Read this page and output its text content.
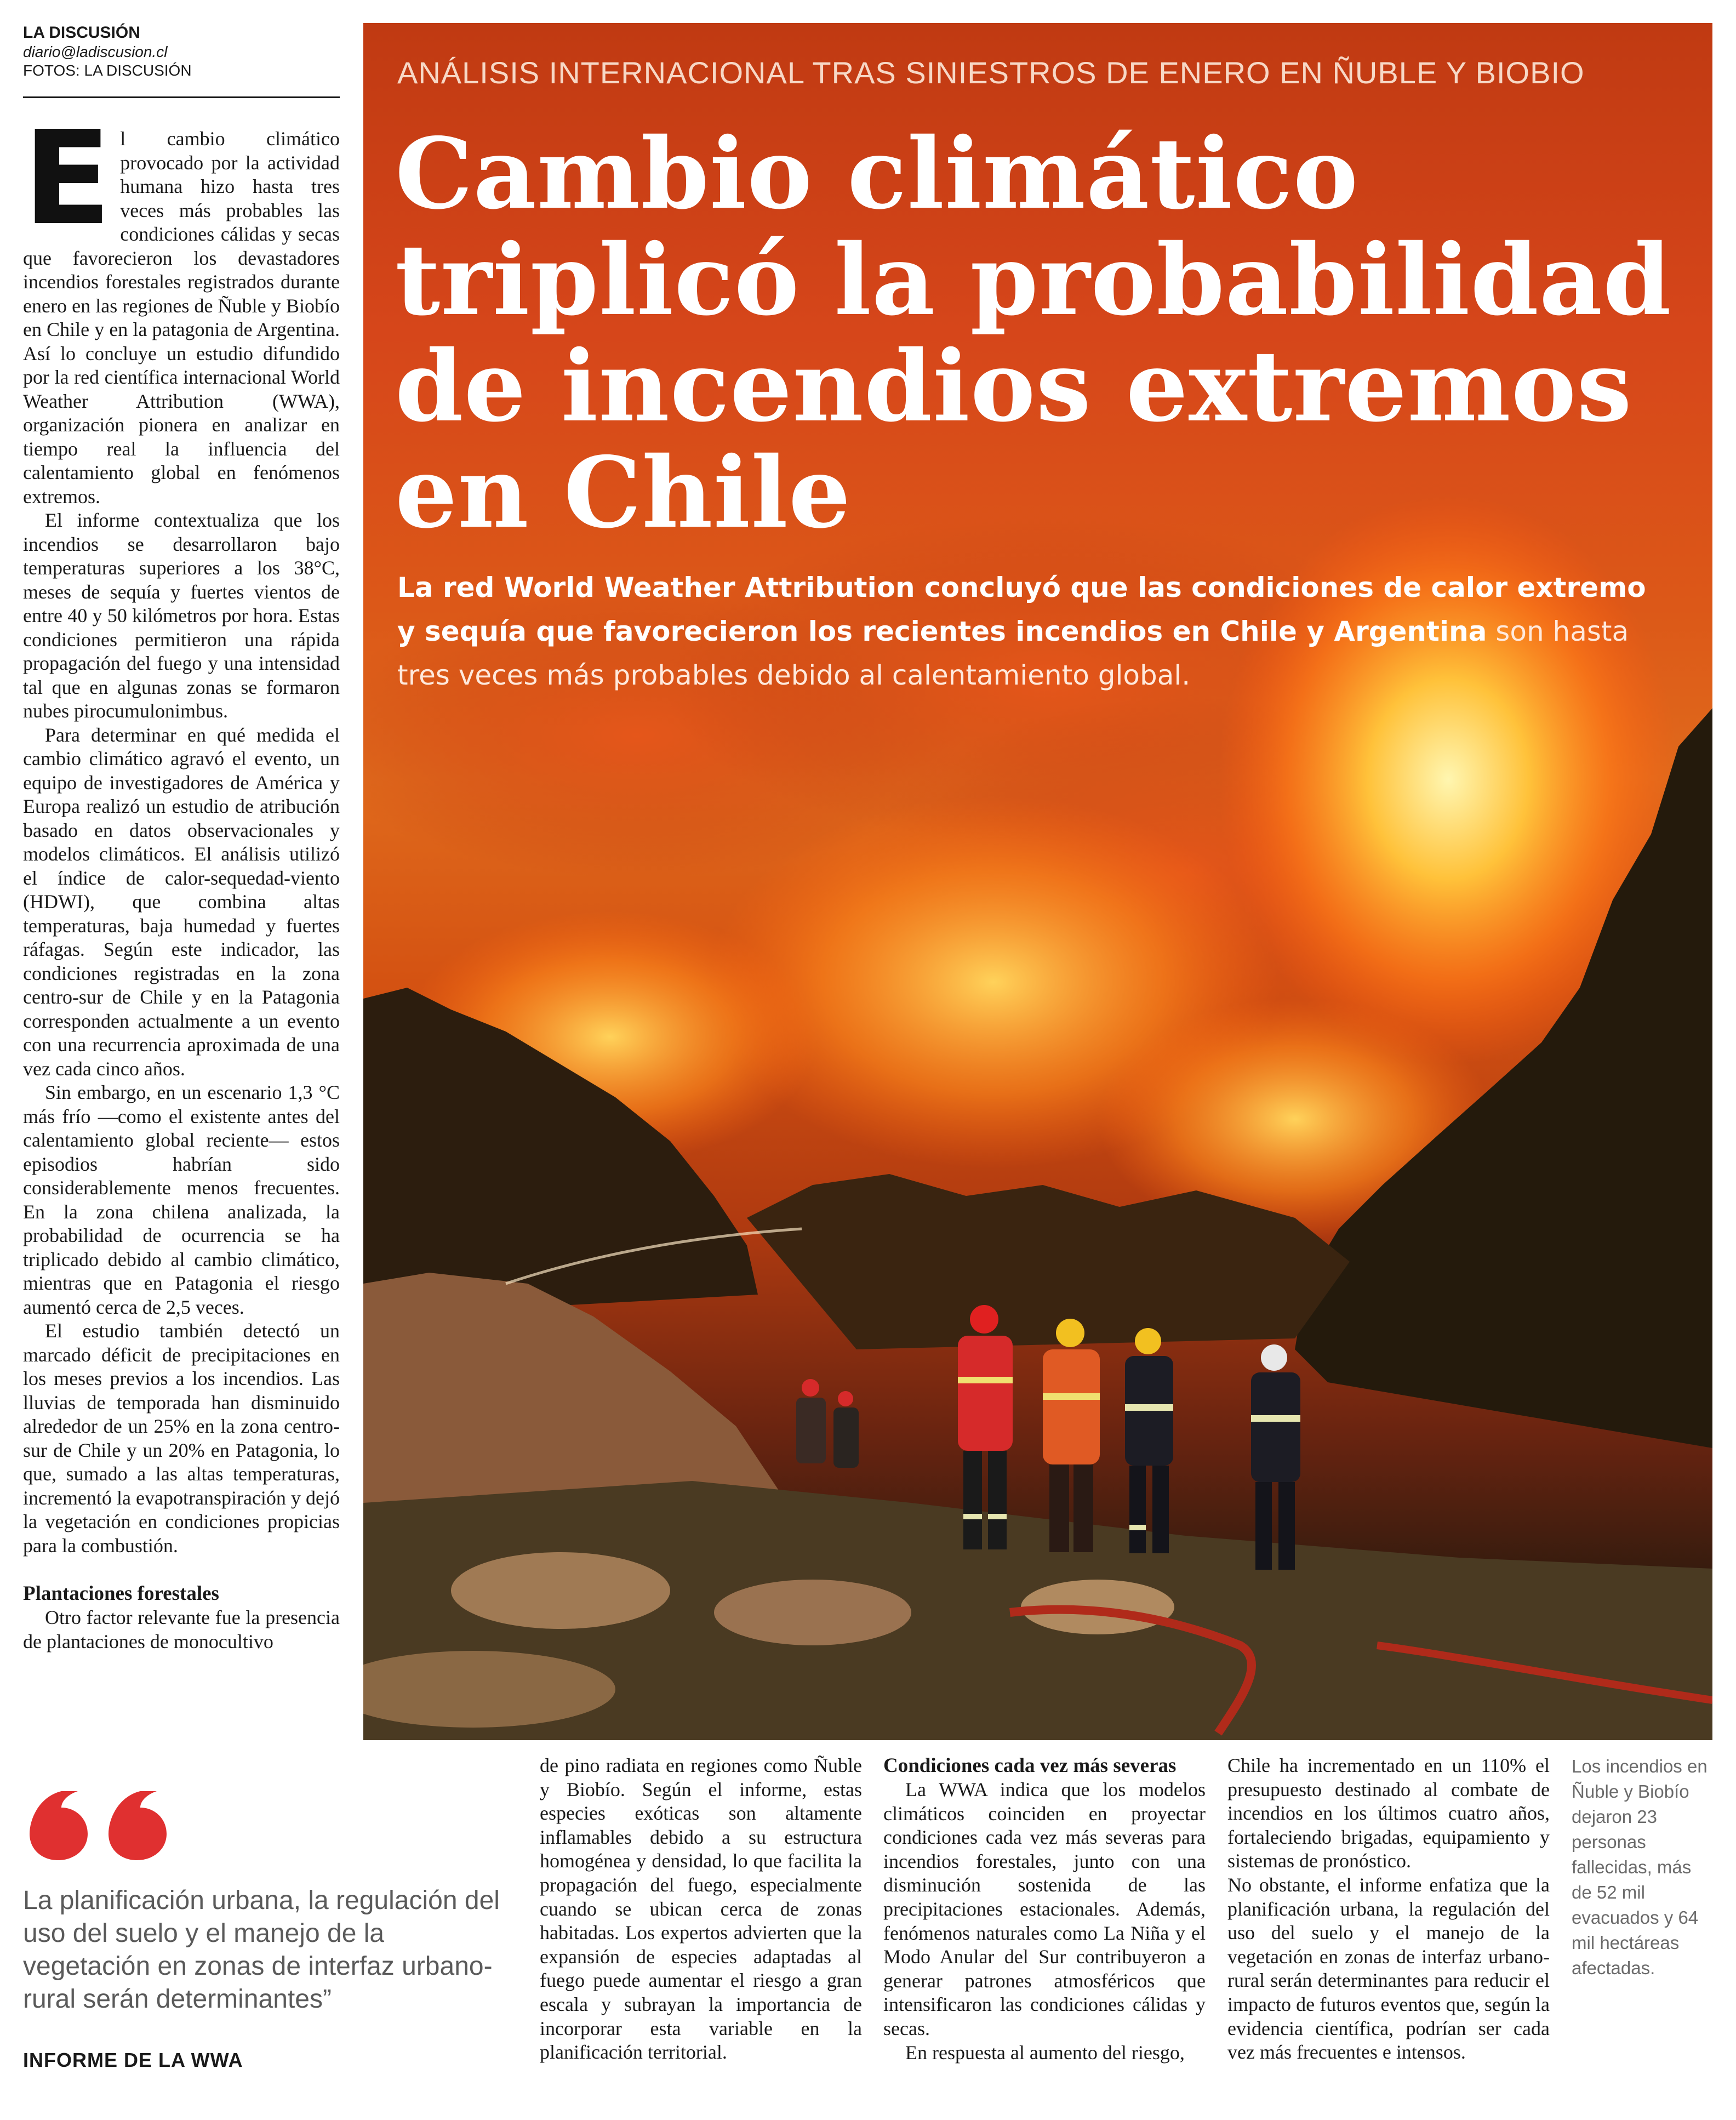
LA DISCUSIÓN
diario@ladiscusion.cl
FOTOS: LA DISCUSIÓN

El cambio climático provocado por la actividad humana hizo hasta tres veces más probables las condiciones cálidas y secas que favorecieron los devastadores incendios forestales registrados durante enero en las regiones de Ñuble y Biobío en Chile y en la patagonia de Argentina. Así lo concluye un estudio difundido por la red científica internacional World Weather Attribution (WWA), organización pionera en analizar en tiempo real la influencia del calentamiento global en fenómenos extremos.

El informe contextualiza que los incendios se desarrollaron bajo temperaturas superiores a los 38°C, meses de sequía y fuertes vientos de entre 40 y 50 kilómetros por hora. Estas condiciones permitieron una rápida propagación del fuego y una intensidad tal que en algunas zonas se formaron nubes pirocumulonimbus.

Para determinar en qué medida el cambio climático agravó el evento, un equipo de investigadores de América y Europa realizó un estudio de atribución basado en datos observacionales y modelos climáticos. El análisis utilizó el índice de calor-sequedad-viento (HDWI), que combina altas temperaturas, baja humedad y fuertes ráfagas. Según este indicador, las condiciones registradas en la zona centro-sur de Chile y en la Patagonia corresponden actualmente a un evento con una recurrencia aproximada de una vez cada cinco años.

Sin embargo, en un escenario 1,3 °C más frío —como el existente antes del calentamiento global reciente— estos episodios habrían sido considerablemente menos frecuentes. En la zona chilena analizada, la probabilidad de ocurrencia se ha triplicado debido al cambio climático, mientras que en Patagonia el riesgo aumentó cerca de 2,5 veces.

El estudio también detectó un marcado déficit de precipitaciones en los meses previos a los incendios. Las lluvias de temporada han disminuido alrededor de un 25% en la zona centro-sur de Chile y un 20% en Patagonia, lo que, sumado a las altas temperaturas, incrementó la evapotranspiración y dejó la vegetación en condiciones propicias para la combustión.

Plantaciones forestales

Otro factor relevante fue la presencia de plantaciones de monocultivo

ANÁLISIS INTERNACIONAL TRAS SINIESTROS DE ENERO EN ÑUBLE Y BIOBIO
Cambio climático triplicó la probabilidad de incendios extremos en Chile
La red World Weather Attribution concluyó que las condiciones de calor extremo y sequía que favorecieron los recientes incendios en Chile y Argentina son hasta tres veces más probables debido al calentamiento global.
La planificación urbana, la regulación del uso del suelo y el manejo de la vegetación en zonas de interfaz urbano-rural serán determinantes”
INFORME DE LA WWA

de pino radiata en regiones como Ñuble y Biobío. Según el informe, estas especies exóticas son altamente inflamables debido a su estructura homogénea y densidad, lo que facilita la propagación del fuego, especialmente cuando se ubican cerca de zonas habitadas. Los expertos advierten que la expansión de especies adaptadas al fuego puede aumentar el riesgo a gran escala y subrayan la importancia de incorporar esta variable en la planificación territorial.

Condiciones cada vez más severas

La WWA indica que los modelos climáticos coinciden en proyectar condiciones cada vez más severas para incendios forestales, junto con una disminución sostenida de las precipitaciones estacionales. Además, fenómenos naturales como La Niña y el Modo Anular del Sur contribuyeron a generar patrones atmosféricos que intensificaron las condiciones cálidas y secas.

En respuesta al aumento del riesgo,

Chile ha incrementado en un 110% el presupuesto destinado al combate de incendios en los últimos cuatro años, fortaleciendo brigadas, equipamiento y sistemas de pronóstico.

No obstante, el informe enfatiza que la planificación urbana, la regulación del uso del suelo y el manejo de la vegetación en zonas de interfaz urbano-rural serán determinantes para reducir el impacto de futuros eventos que, según la evidencia científica, podrían ser cada vez más frecuentes e intensos.

Los incendios en Ñuble y Biobío dejaron 23 personas fallecidas, más de 52 mil evacuados y 64 mil hectáreas afectadas.
